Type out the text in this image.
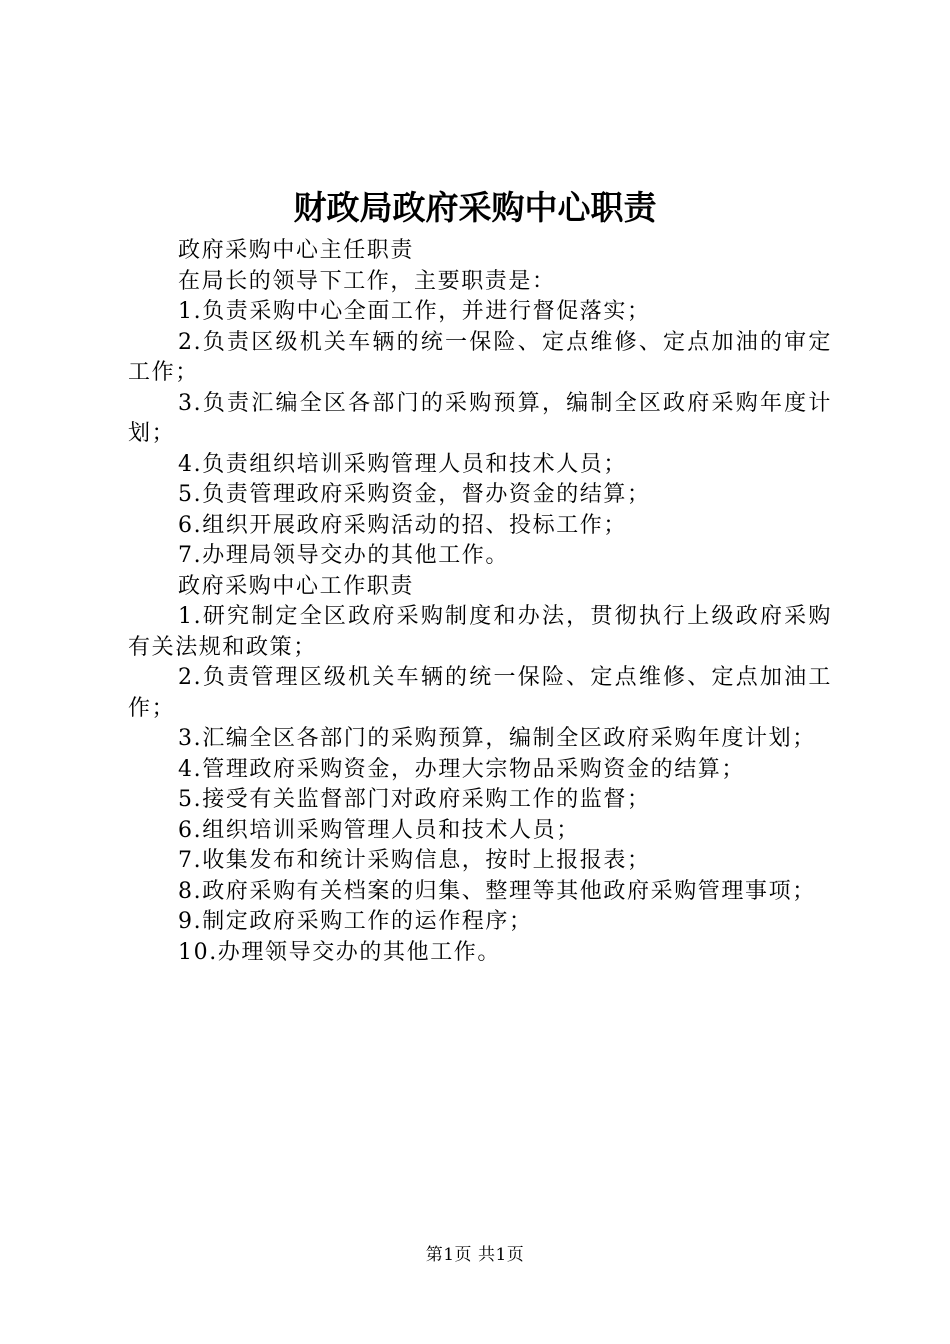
财政局政府采购中心职责

政府采购中心主任职责

在局长的领导下工作，主要职责是：

1.负责采购中心全面工作，并进行督促落实；

2.负责区级机关车辆的统一保险、定点维修、定点加油的审定工作；

3.负责汇编全区各部门的采购预算，编制全区政府采购年度计划；

4.负责组织培训采购管理人员和技术人员；

5.负责管理政府采购资金，督办资金的结算；

6.组织开展政府采购活动的招、投标工作；

7.办理局领导交办的其他工作。

政府采购中心工作职责

1.研究制定全区政府采购制度和办法，贯彻执行上级政府采购有关法规和政策；

2.负责管理区级机关车辆的统一保险、定点维修、定点加油工作；

3.汇编全区各部门的采购预算，编制全区政府采购年度计划；

4.管理政府采购资金，办理大宗物品采购资金的结算；

5.接受有关监督部门对政府采购工作的监督；

6.组织培训采购管理人员和技术人员；

7.收集发布和统计采购信息，按时上报报表；

8.政府采购有关档案的归集、整理等其他政府采购管理事项；

9.制定政府采购工作的运作程序；

10.办理领导交办的其他工作。

第1页 共1页
